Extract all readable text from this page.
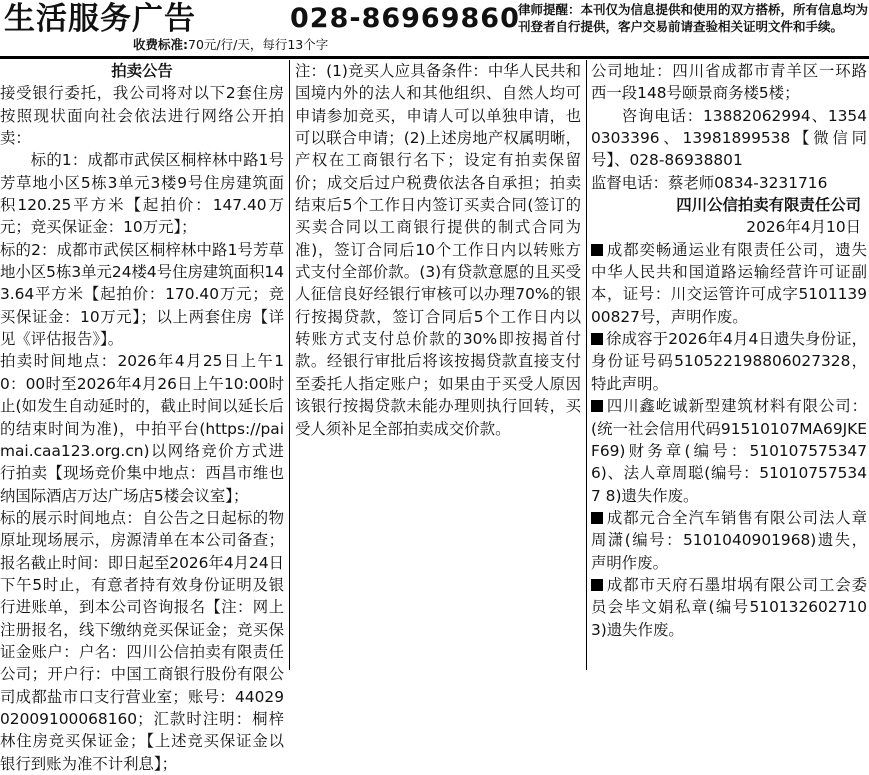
生活服务广告	028-86969860
收费标准:70元/行/天，每行13个字
律师提醒：本刊仅为信息提供和使用的双方搭桥，所有信息均为刊登者自行提供，客户交易前请查验相关证明文件和手续。
拍卖公告

接受银行委托，我公司将对以下2套住房按照现状面向社会依法进行网络公开拍卖：

标的1：成都市武侯区桐梓林中路1号芳草地小区5栋3单元3楼9号住房建筑面积120.25平方米【起拍价：147.40万元；竞买保证金：10万元】；

标的2：成都市武侯区桐梓林中路1号芳草地小区5栋3单元24楼4号住房建筑面积143.64平方米【起拍价：170.40万元；竞买保证金：10万元】；以上两套住房【详见《评估报告》】。

拍卖时间地点：2026年4月25日上午10：00时至2026年4月26日上午10:00时止(如发生自动延时的，截止时间以延长后的结束时间为准)，中拍平台(https://paimai.caa123.org.cn)以网络竞价方式进行拍卖【现场竞价集中地点：西昌市维也纳国际酒店万达广场店5楼会议室】；

标的展示时间地点：自公告之日起标的物原址现场展示，房源清单在本公司备查；报名截止时间：即日起至2026年4月24日下午5时止，有意者持有效身份证明及银行进账单，到本公司咨询报名【注：网上注册报名，线下缴纳竞买保证金；竞买保证金账户：户名：四川公信拍卖有限责任公司；开户行：中国工商银行股份有限公司成都盐市口支行营业室；账号：4402902009100068160；汇款时注明：桐梓林住房竞买保证金；【上述竞买保证金以银行到账为准不计利息】；

注：(1)竞买人应具备条件：中华人民共和国境内外的法人和其他组织、自然人均可申请参加竞买，申请人可以单独申请，也可以联合申请；(2)上述房地产权属明晰，产权在工商银行名下；设定有拍卖保留价；成交后过户税费依法各自承担；拍卖结束后5个工作日内签订买卖合同(签订的买卖合同以工商银行提供的制式合同为准)，签订合同后10个工作日内以转账方式支付全部价款。(3)有贷款意愿的且买受人征信良好经银行审核可以办理70%的银行按揭贷款，签订合同后5个工作日内以转账方式支付总价款的30%即按揭首付款。经银行审批后将该按揭贷款直接支付至委托人指定账户；如果由于买受人原因该银行按揭贷款未能办理则执行回转，买受人须补足全部拍卖成交价款。

公司地址：四川省成都市青羊区一环路西一段148号颐景商务楼5楼；

咨询电话：13882062994、13540303396、13981899538【微信同号】、028-86938801

监督电话：蔡老师0834-3231716

四川公信拍卖有限责任公司

2026年4月10日

成都奕畅通运业有限责任公司，遗失中华人民共和国道路运输经营许可证副本，证号：川交运管许可成字510113900827号，声明作废。

徐成容于2026年4月4日遗失身份证，身份证号码510522198806027328，特此声明。

四川鑫屹诚新型建筑材料有限公司：(统一社会信用代码91510107MA69JKEF69)财务章(编号：5101075753476)、法人章周聪(编号：510107575347 8)遗失作废。

成都元合全汽车销售有限公司法人章周潇(编号：5101040901968)遗失，声明作废。

成都市天府石墨坩埚有限公司工会委员会毕文娟私章(编号5101326027103)遗失作废。
